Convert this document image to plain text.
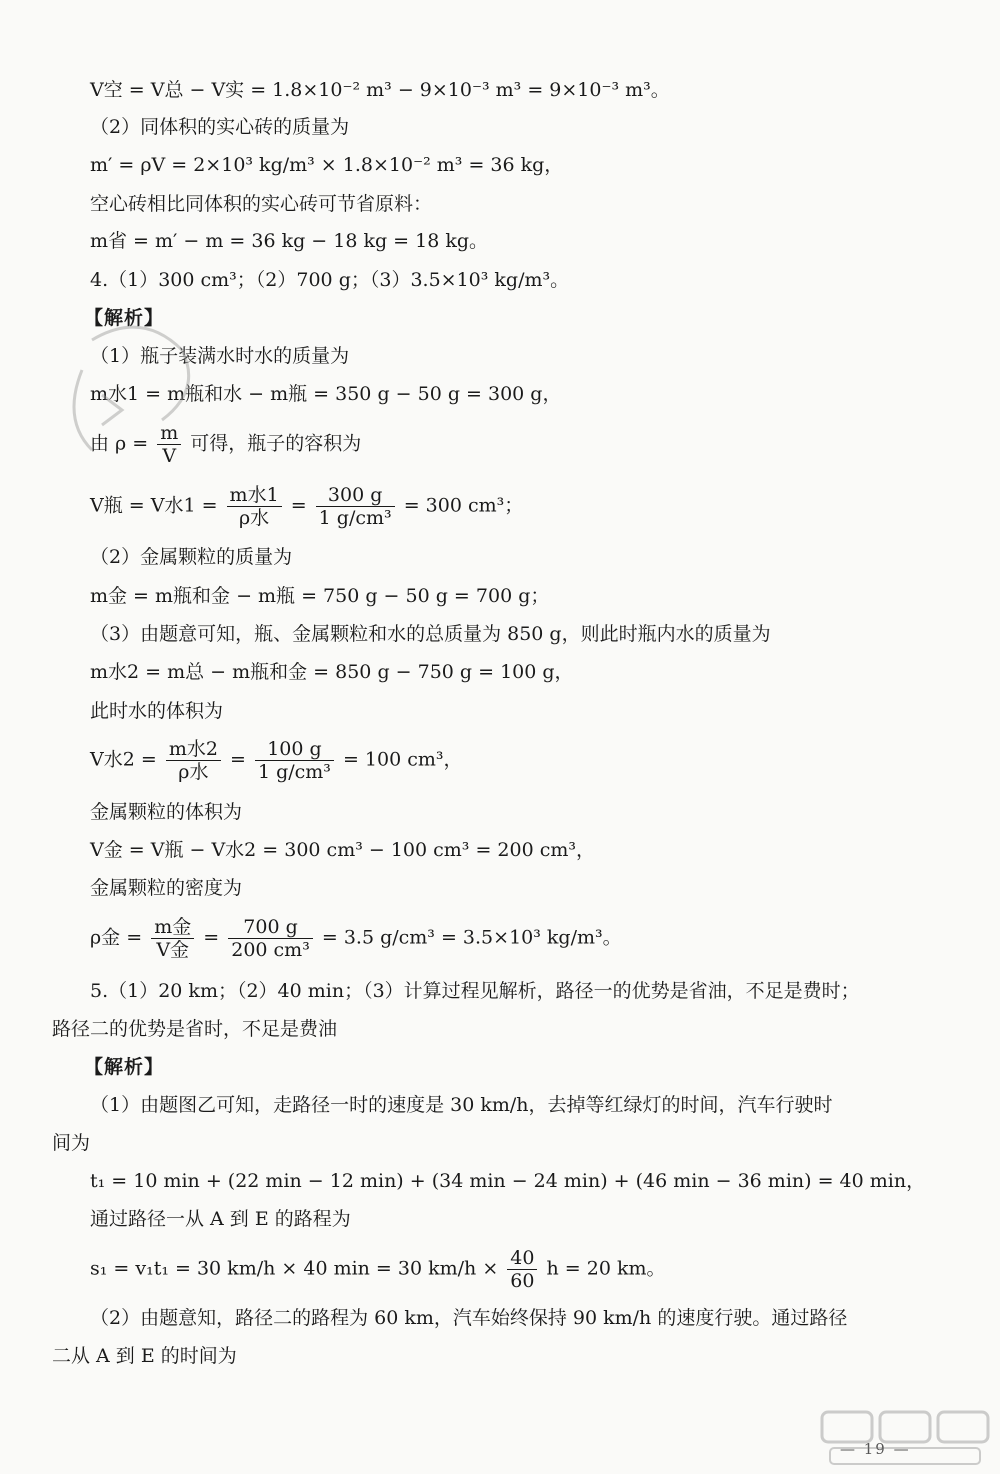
V空 = V总 − V实 = 1.8×10⁻² m³ − 9×10⁻³ m³ = 9×10⁻³ m³。
（2）同体积的实心砖的质量为
m′ = ρV = 2×10³ kg/m³ × 1.8×10⁻² m³ = 36 kg，
空心砖相比同体积的实心砖可节省原料：
m省 = m′ − m = 36 kg − 18 kg = 18 kg。
4.（1）300 cm³；（2）700 g；（3）3.5×10³ kg/m³。
【解析】
（1）瓶子装满水时水的质量为
m水1 = m瓶和水 − m瓶 = 350 g − 50 g = 300 g，
由 $\rho = \frac{m}{V}$ 可得，瓶子的容积为
V瓶 = V水$1 = \frac{\text{m水1}}{\text{ρ水}} = \frac{300 g}{\text{1 g/cm³}} = 300$ cm³；
（2）金属颗粒的质量为
m金 = m瓶和金 − m瓶 = 750 g − 50 g = 700 g；
（3）由题意可知，瓶、金属颗粒和水的总质量为 850 g，则此时瓶内水的质量为
m水2 = m总 − m瓶和金 = 850 g − 750 g = 100 g，
此时水的体积为
V水$2 = \frac{\text{m水2}}{\text{ρ水}} = \frac{100 g}{\text{1 g/cm³}} = 100$ cm³，
金属颗粒的体积为
V金 = V瓶 − V水2 = 300 cm³ − 100 cm³ = 200 cm³，
金属颗粒的密度为
ρ金 = $\frac{\text{m金}}{\text{V金}} = \frac{700 g}{\text{200 cm³}} = 3.5$ g/cm³ = 3.5×10³ kg/m³。
5.（1）20 km；（2）40 min；（3）计算过程见解析，路径一的优势是省油，不足是费时；
路径二的优势是省时，不足是费油
【解析】
（1）由题图乙可知，走路径一时的速度是 30 km/h，去掉等红绿灯的时间，汽车行驶时
间为
t₁ = 10 min + (22 min − 12 min) + (34 min − 24 min) + (46 min − 36 min) = 40 min，
通过路径一从 A 到 E 的路程为
s₁ = v₁t₁ = 30 km/h × 40 min = 30 $km/h \times \frac{40}{60}$ h = 20 km。
（2）由题意知，路径二的路程为 60 km，汽车始终保持 90 km/h 的速度行驶。通过路径
二从 A 到 E 的时间为
— 19 —
